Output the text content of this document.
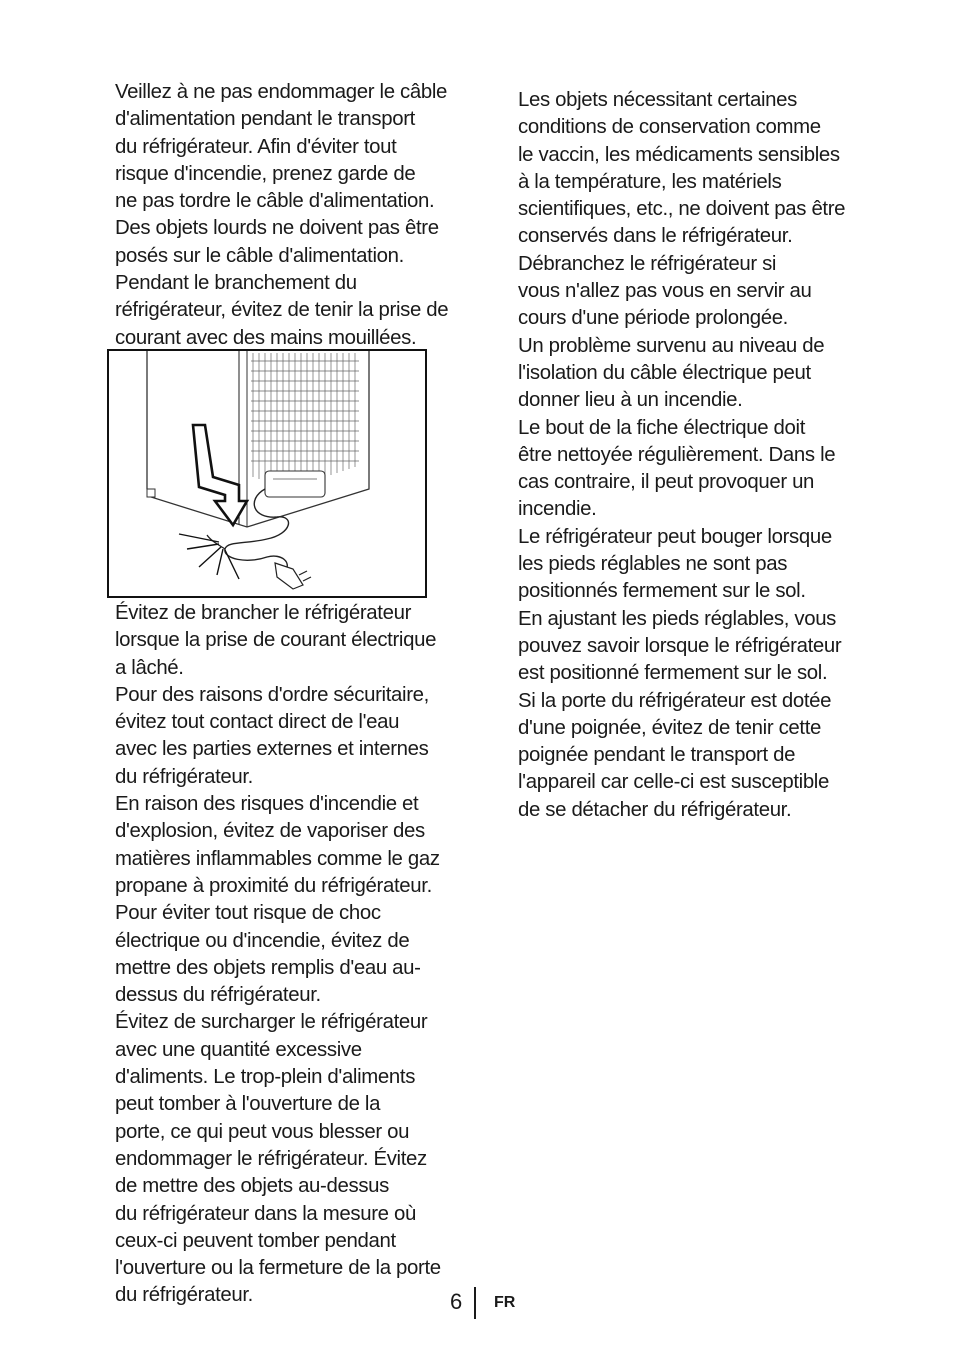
Veillez à ne pas endommager le câble
d'alimentation pendant le transport
du réfrigérateur. Afin d'éviter tout
risque d'incendie, prenez garde de
ne pas tordre le câble d'alimentation.
Des objets lourds ne doivent pas être
posés sur le câble d'alimentation.
Pendant le branchement du
réfrigérateur, évitez de tenir la prise de
courant avec des mains mouillées.
Évitez de brancher le réfrigérateur
lorsque la prise de courant électrique
a lâché.
Pour des raisons d'ordre sécuritaire,
évitez tout contact direct de l'eau
avec les parties externes et internes
du réfrigérateur.
En raison des risques d'incendie et
d'explosion, évitez de vaporiser des
matières inflammables comme le gaz
propane à proximité du réfrigérateur.
Pour éviter tout risque de choc
électrique ou d'incendie, évitez de
mettre des objets remplis d'eau au-
dessus du réfrigérateur.
Évitez de surcharger le réfrigérateur
avec une quantité excessive
d'aliments. Le trop-plein d'aliments
peut tomber à l'ouverture de la
porte, ce qui peut vous blesser ou
endommager le réfrigérateur. Évitez
de mettre des objets au-dessus
du réfrigérateur dans la mesure où
ceux-ci peuvent tomber pendant
l'ouverture ou la fermeture de la porte
du réfrigérateur.
Les objets nécessitant certaines
conditions de conservation comme
le vaccin, les médicaments sensibles
à la température, les matériels
scientifiques, etc., ne doivent pas être
conservés dans le réfrigérateur.
Débranchez le réfrigérateur si
vous n'allez pas vous en servir au
cours d'une période prolongée.
Un problème survenu au niveau de
l'isolation du câble électrique peut
donner lieu à un incendie.
Le bout de la fiche électrique doit
être nettoyée régulièrement. Dans le
cas contraire, il peut provoquer un
incendie.
Le réfrigérateur peut bouger lorsque
les pieds réglables ne sont pas
positionnés fermement sur le sol.
En ajustant les pieds réglables, vous
pouvez savoir lorsque le réfrigérateur
est positionné fermement sur le sol.
Si la porte du réfrigérateur est dotée
d'une poignée, évitez de tenir cette
poignée pendant le transport de
l'appareil car celle-ci est susceptible
de se détacher du réfrigérateur.
6 FR
